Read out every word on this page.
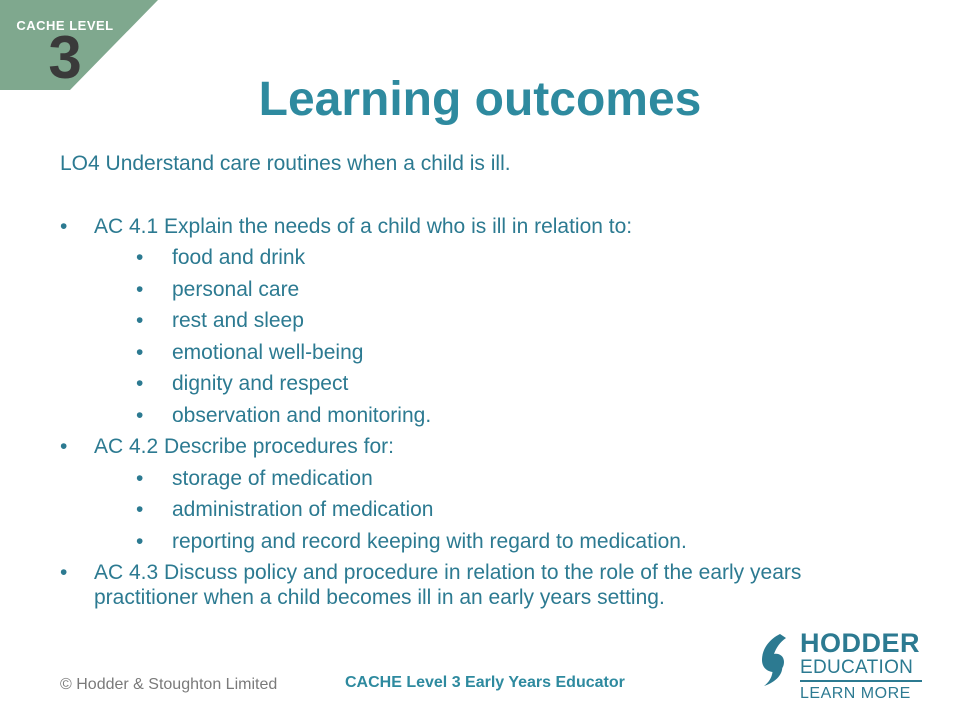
CACHE LEVEL
3
Learning outcomes

LO4 Understand care routines when a child is ill.

• AC 4.1 Explain the needs of a child who is ill in relation to:
• food and drink
• personal care
• rest and sleep
• emotional well-being
• dignity and respect
• observation and monitoring.
• AC 4.2 Describe procedures for:
• storage of medication
• administration of medication
• reporting and record keeping with regard to medication.
• AC 4.3 Discuss policy and procedure in relation to the role of the early years practitioner when a child becomes ill in an early years setting.
© Hodder & Stoughton Limited	CACHE Level 3 Early Years Educator
HODDER
EDUCATION
LEARN MORE
